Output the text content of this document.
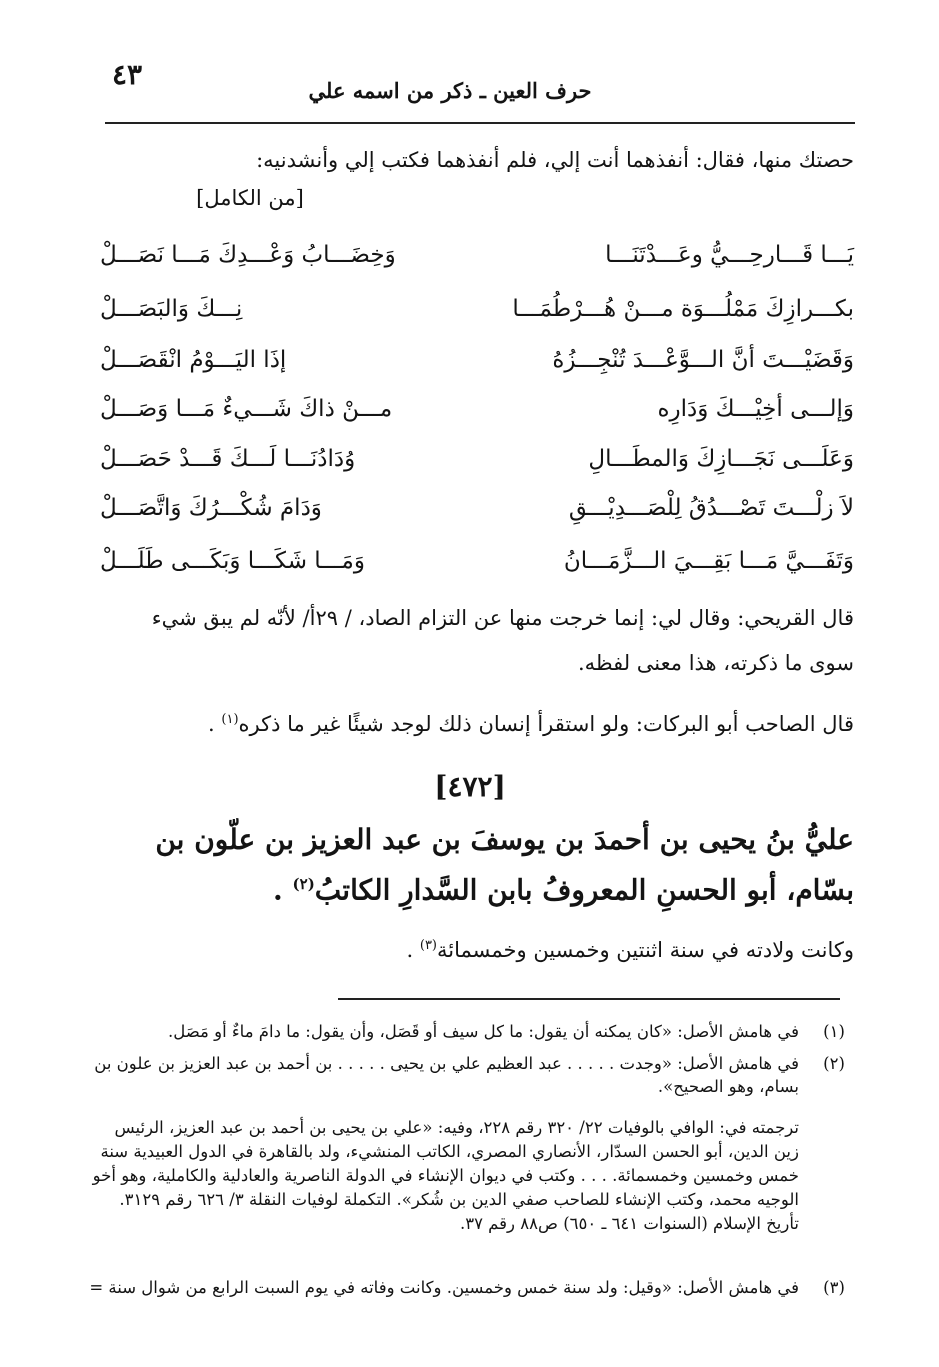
٤٣	حرف العين ـ ذكر من اسمه علي
حصتك منها، فقال: أنفذهما أنت إلي، فلم أنفذهما فكتب إلي وأنشدنيه:
[من الكامل]
يَـــا قَـــارحِـــيُّ وعَـــدْتَنَـــا
وَخِضَـــابُ وَعْـــدِكَ مَـــا نَصَـــلْ
بكـــرازِكَ مَمْلُـــوَة مـــنْ هُـــرْطُمَـــا
نِـــكَ وَالبَصَـــلْ
وَقَضَيْـــتَ أنَّ الـــوَّعْـــدَ تُنْجِـــزُهُ
إذَا اليَـــوْمُ انْقَصَـــلْ
وَإلـــى أخِيْـــكَ وَدَارِه
مـــنْ ذاكَ شَـــيءٌ مَـــا وَصَـــلْ
وَعَلَـــى نَجَـــازِكَ وَالمطَـــالِ
وُدَادُنَـــا لَـــكَ قَـــدْ حَصَـــلْ
لاَ زلْـــتَ تَصْـــدُقُ لِلْصَـــدِيْـــقِ
وَدَامَ شُكْـــرُكَ وَاتَّصَـــلْ
وَتَفَـــيَّ مَـــا بَقِـــيَ الـــزَّمَـــانُ
وَمَـــا شَكَـــا وَبَكَـــى طَلَـــلْ
قال القريحي: وقال لي: إنما خرجت منها عن التزام الصاد، / ٢٩أ/ لأنّه لم يبق شيء
سوى ما ذكرته، هذا معنى لفظه.
قال الصاحب أبو البركات: ولو استقرأ إنسان ذلك لوجد شيئًا غير ما ذكره$^{(١)}$ .
[٤٧٢]
عليُّ بنُ يحيى بن أحمدَ بن يوسفَ بن عبد العزيز بن علّون بن
بسّام، أبو الحسنِ المعروفُ بابن السَّدارِ الكاتبُ$^{(٢)}$ .
وكانت ولادته في سنة اثنتين وخمسين وخمسمائة$^{(٣)}$ .
(١)
في هامش الأصل: «كان يمكنه أن يقول: ما كل سيف أو قَصَل، وأن يقول: ما دامَ ماءٌ أو مَصَل.
(٢)
في هامش الأصل: «وجدت . . . . . عبد العظيم علي بن يحيى . . . . . بن أحمد بن عبد العزيز بن علون بن
بسام، وهو الصحيح».
ترجمته في: الوافي بالوفيات ٢٢/ ٣٢٠ رقم ٢٢٨، وفيه: «علي بن يحيى بن أحمد بن عبد العزيز، الرئيس
زين الدين، أبو الحسن السدّار، الأنصاري المصري، الكاتب المنشيء، ولد بالقاهرة في الدول العبيدية سنة
خمس وخمسين وخمسمائة. . . . وكتب في ديوان الإنشاء في الدولة الناصرية والعادلية والكاملية، وهو أخو
الوجيه محمد، وكتب الإنشاء للصاحب صفي الدين بن شُكر». التكملة لوفيات النقلة ٣/ ٦٢٦ رقم ٣١٢٩.
تأريخ الإسلام (السنوات ٦٤١ ـ ٦٥٠) ص٨٨ رقم ٣٧.
(٣)
في هامش الأصل: «وقيل: ولد سنة خمس وخمسين. وكانت وفاته في يوم السبت الرابع من شوال سنة =
